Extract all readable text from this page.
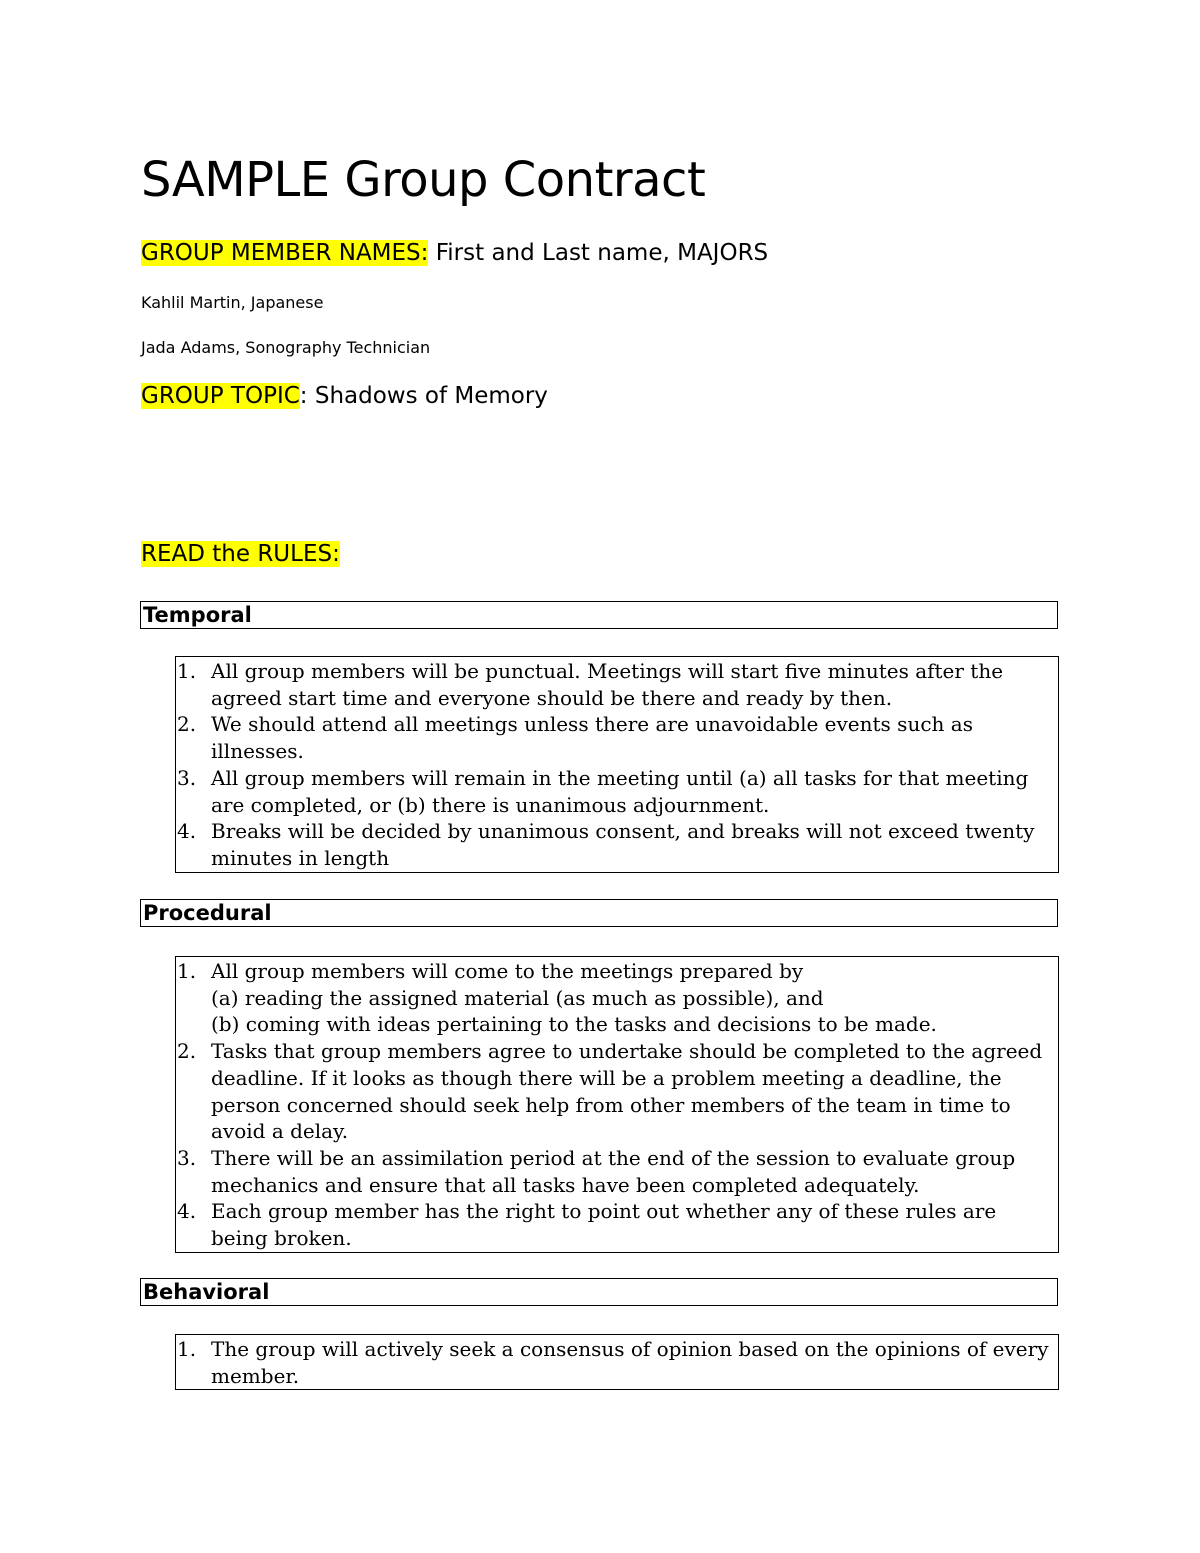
SAMPLE Group Contract
GROUP MEMBER NAMES: First and Last name, MAJORS
Kahlil Martin, Japanese
Jada Adams, Sonography Technician
GROUP TOPIC: Shadows of Memory
READ the RULES:
Temporal
1. All group members will be punctual. Meetings will start five minutes after the agreed start time and everyone should be there and ready by then.
2. We should attend all meetings unless there are unavoidable events such as illnesses.
3. All group members will remain in the meeting until (a) all tasks for that meeting are completed, or (b) there is unanimous adjournment.
4. Breaks will be decided by unanimous consent, and breaks will not exceed twenty minutes in length
Procedural
1. All group members will come to the meetings prepared by
(a) reading the assigned material (as much as possible), and
(b) coming with ideas pertaining to the tasks and decisions to be made.
2. Tasks that group members agree to undertake should be completed to the agreed deadline. If it looks as though there will be a problem meeting a deadline, the person concerned should seek help from other members of the team in time to avoid a delay.
3. There will be an assimilation period at the end of the session to evaluate group mechanics and ensure that all tasks have been completed adequately.
4. Each group member has the right to point out whether any of these rules are being broken.
Behavioral
1. The group will actively seek a consensus of opinion based on the opinions of every member.
